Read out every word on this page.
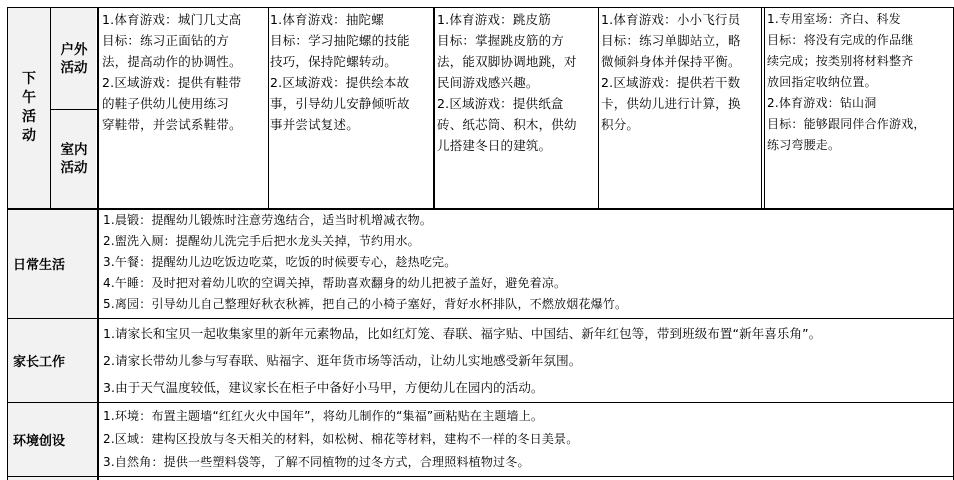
下
午
活
动
户外
活动
室内
活动
1.体育游戏：城门几丈高
目标：练习正面钻的方
法，提高动作的协调性。
2.区域游戏：提供有鞋带
的鞋子供幼儿使用练习
穿鞋带，并尝试系鞋带。
1.体育游戏：抽陀螺
目标：学习抽陀螺的技能
技巧，保持陀螺转动。
2.区域游戏：提供绘本故
事，引导幼儿安静倾听故
事并尝试复述。
1.体育游戏：跳皮筋
目标：掌握跳皮筋的方
法，能双脚协调地跳，对
民间游戏感兴趣。
2.区域游戏：提供纸盒
砖、纸芯筒、积木，供幼
儿搭建冬日的建筑。
1.体育游戏：小小飞行员
目标：练习单脚站立，略
微倾斜身体并保持平衡。
2.区域游戏：提供若干数
卡，供幼儿进行计算，换
积分。
1.专用室场：齐白、科发
目标：将没有完成的作品继
续完成；按类别将材料整齐
放回指定收纳位置。
2.体育游戏：钻山洞
目标：能够跟同伴合作游戏，
练习弯腰走。
日常生活
1.晨锻：提醒幼儿锻炼时注意劳逸结合，适当时机增减衣物。
2.盥洗入厕：提醒幼儿洗完手后把水龙头关掉，节约用水。
3.午餐：提醒幼儿边吃饭边吃菜，吃饭的时候要专心，趁热吃完。
4.午睡：及时把对着幼儿吹的空调关掉，帮助喜欢翻身的幼儿把被子盖好，避免着凉。
5.离园：引导幼儿自己整理好秋衣秋裤，把自己的小椅子塞好，背好水杯排队，不燃放烟花爆竹。
家长工作
1.请家长和宝贝一起收集家里的新年元素物品，比如红灯笼、春联、福字贴、中国结、新年红包等，带到班级布置“新年喜乐角”。
2.请家长带幼儿参与写春联、贴福字、逛年货市场等活动，让幼儿实地感受新年氛围。
3.由于天气温度较低，建议家长在柜子中备好小马甲，方便幼儿在园内的活动。
环境创设
1.环境：布置主题墙“红红火火中国年”，将幼儿制作的“集福”画粘贴在主题墙上。
2.区域：建构区投放与冬天相关的材料，如松树、棉花等材料，建构不一样的冬日美景。
3.自然角：提供一些塑料袋等，了解不同植物的过冬方式，合理照料植物过冬。
